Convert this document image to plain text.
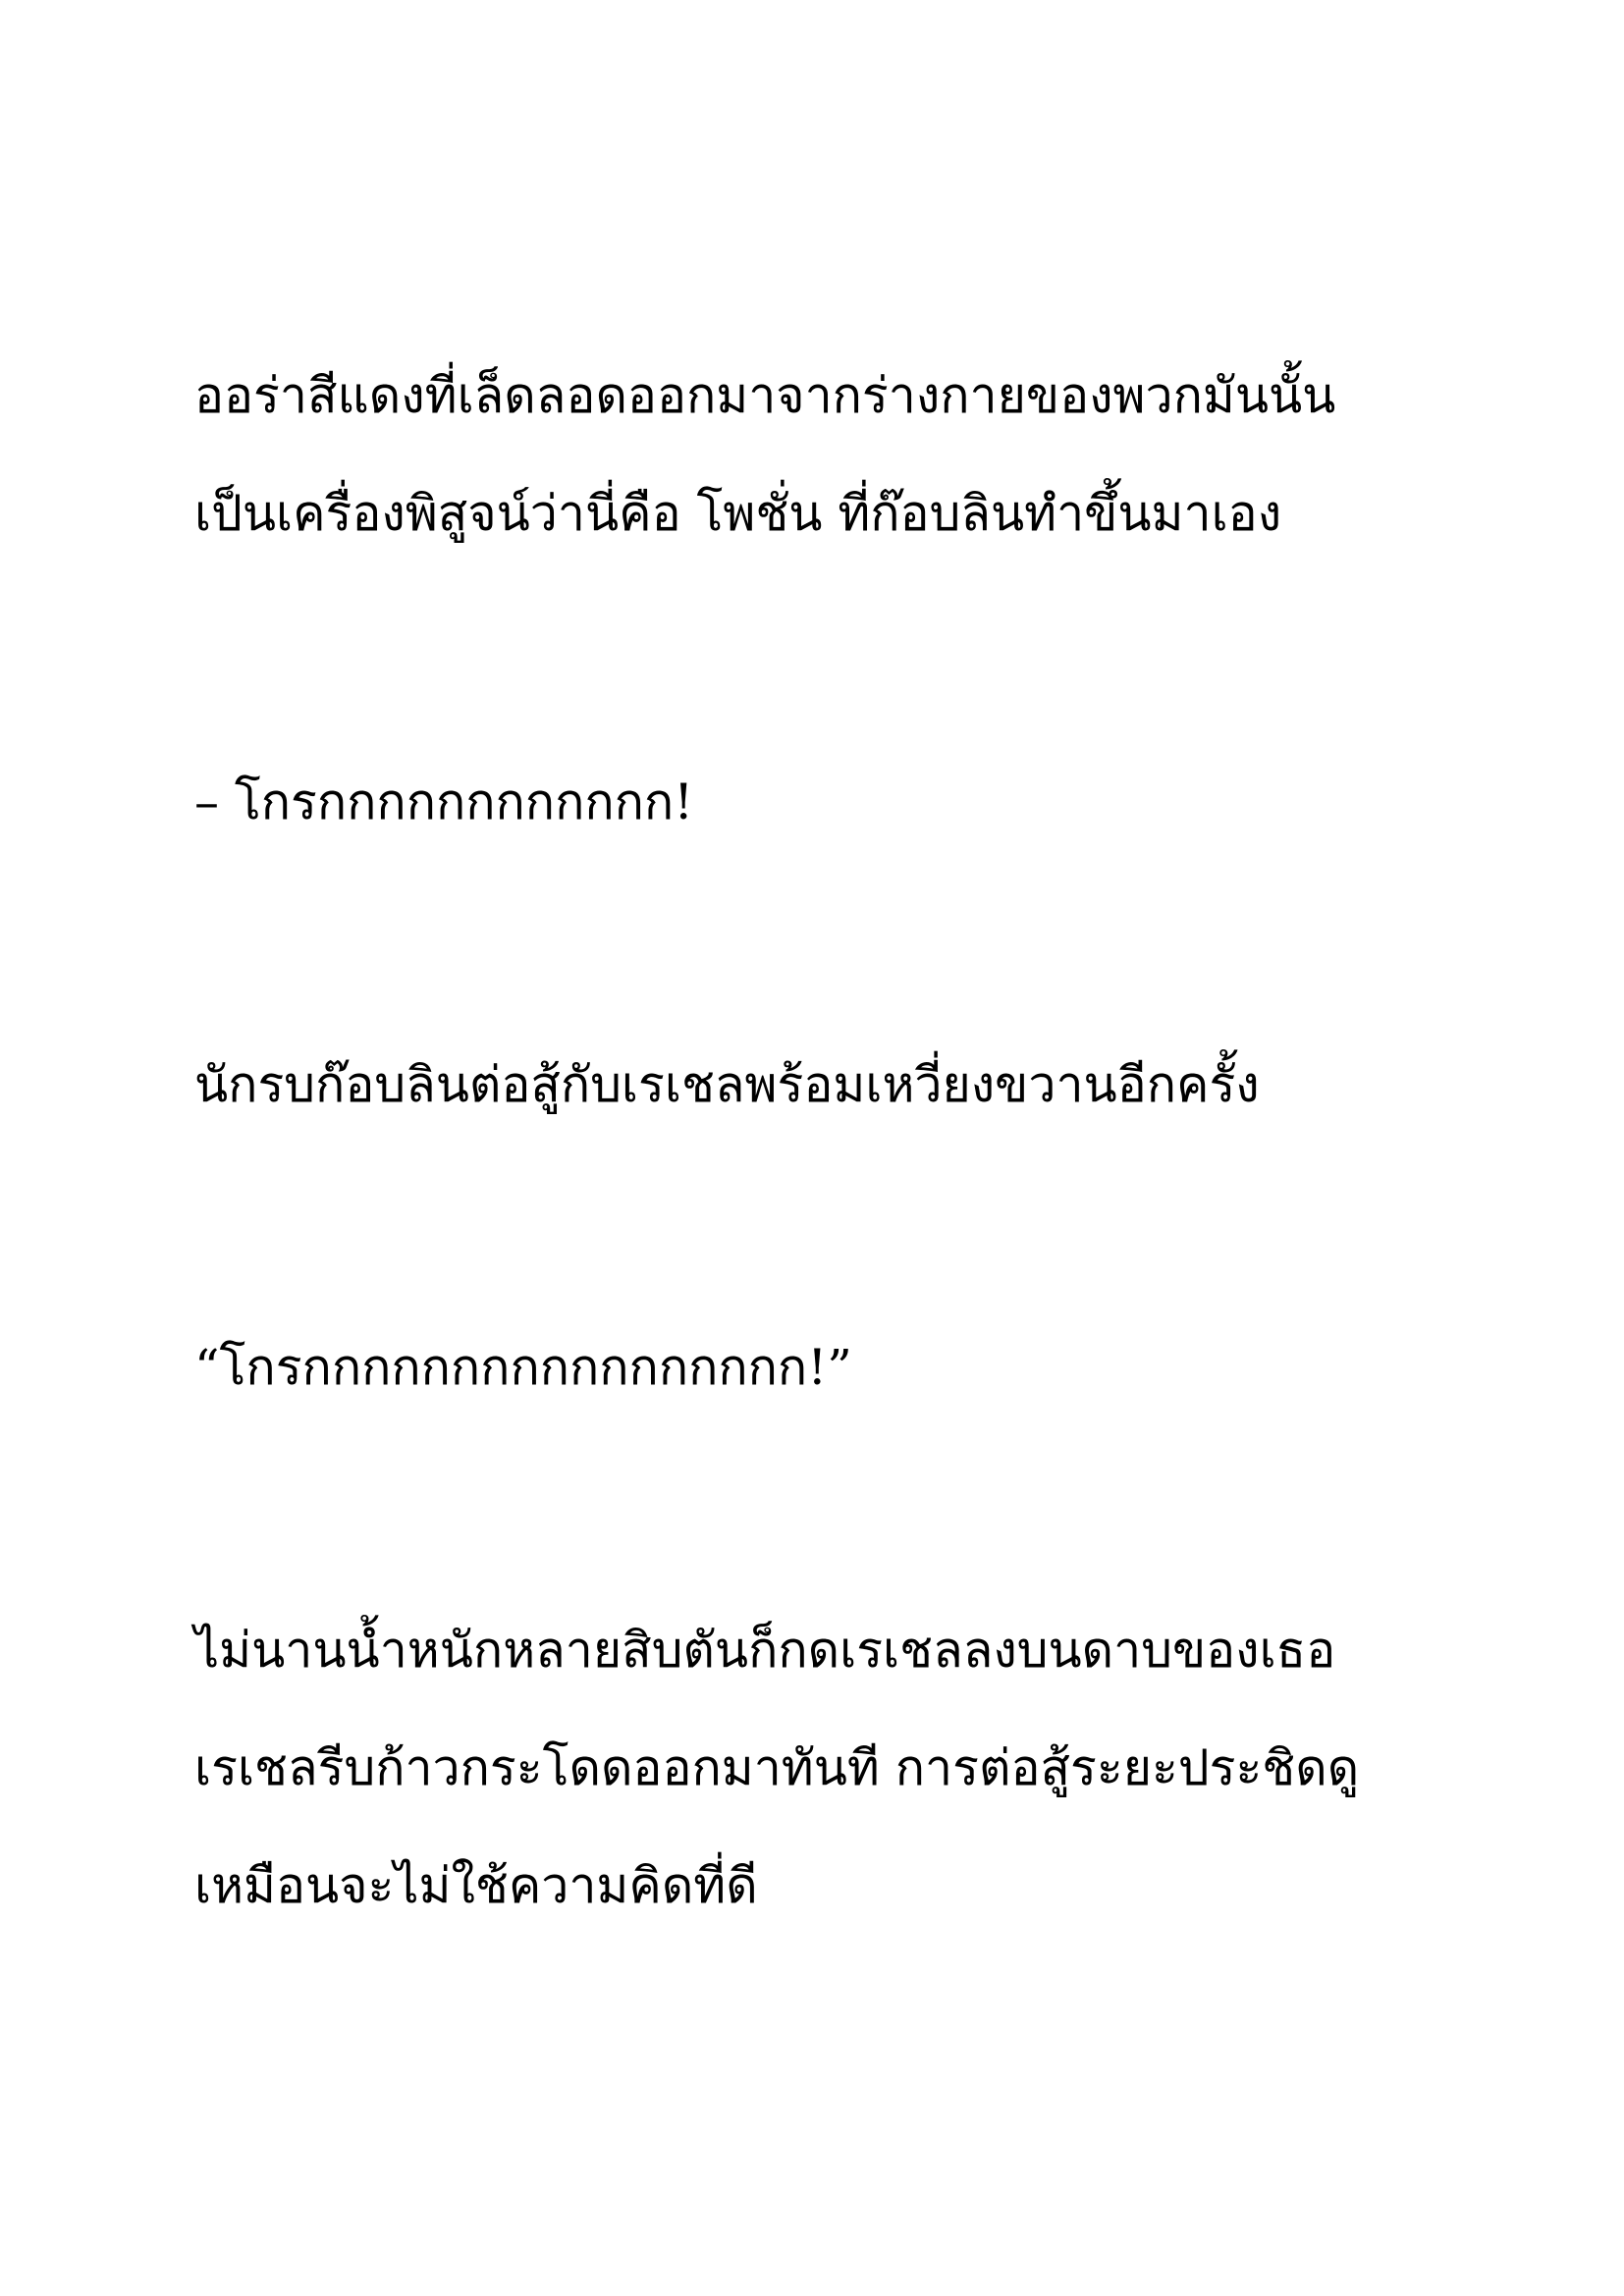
ออร่าสีแดงที่เล็ดลอดออกมาจากร่างกายของพวกมันนั้น
เป็นเครื่องพิสูจน์ว่านี่คือ โพชั่น ที่ก๊อบลินทำขึ้นมาเอง
– โกรกกกกกกกกกกกก!
นักรบก๊อบลินต่อสู้กับเรเชลพร้อมเหวี่ยงขวานอีกครั้ง
“โกรกกกกกกกกกกกกกกกกก!”
ไม่นานน้ำหนักหลายสิบตันก็กดเรเชลลงบนดาบของเธอ
เรเชลรีบก้าวกระโดดออกมาทันที การต่อสู้ระยะประชิดดู
เหมือนจะไม่ใช้ความคิดที่ดี
